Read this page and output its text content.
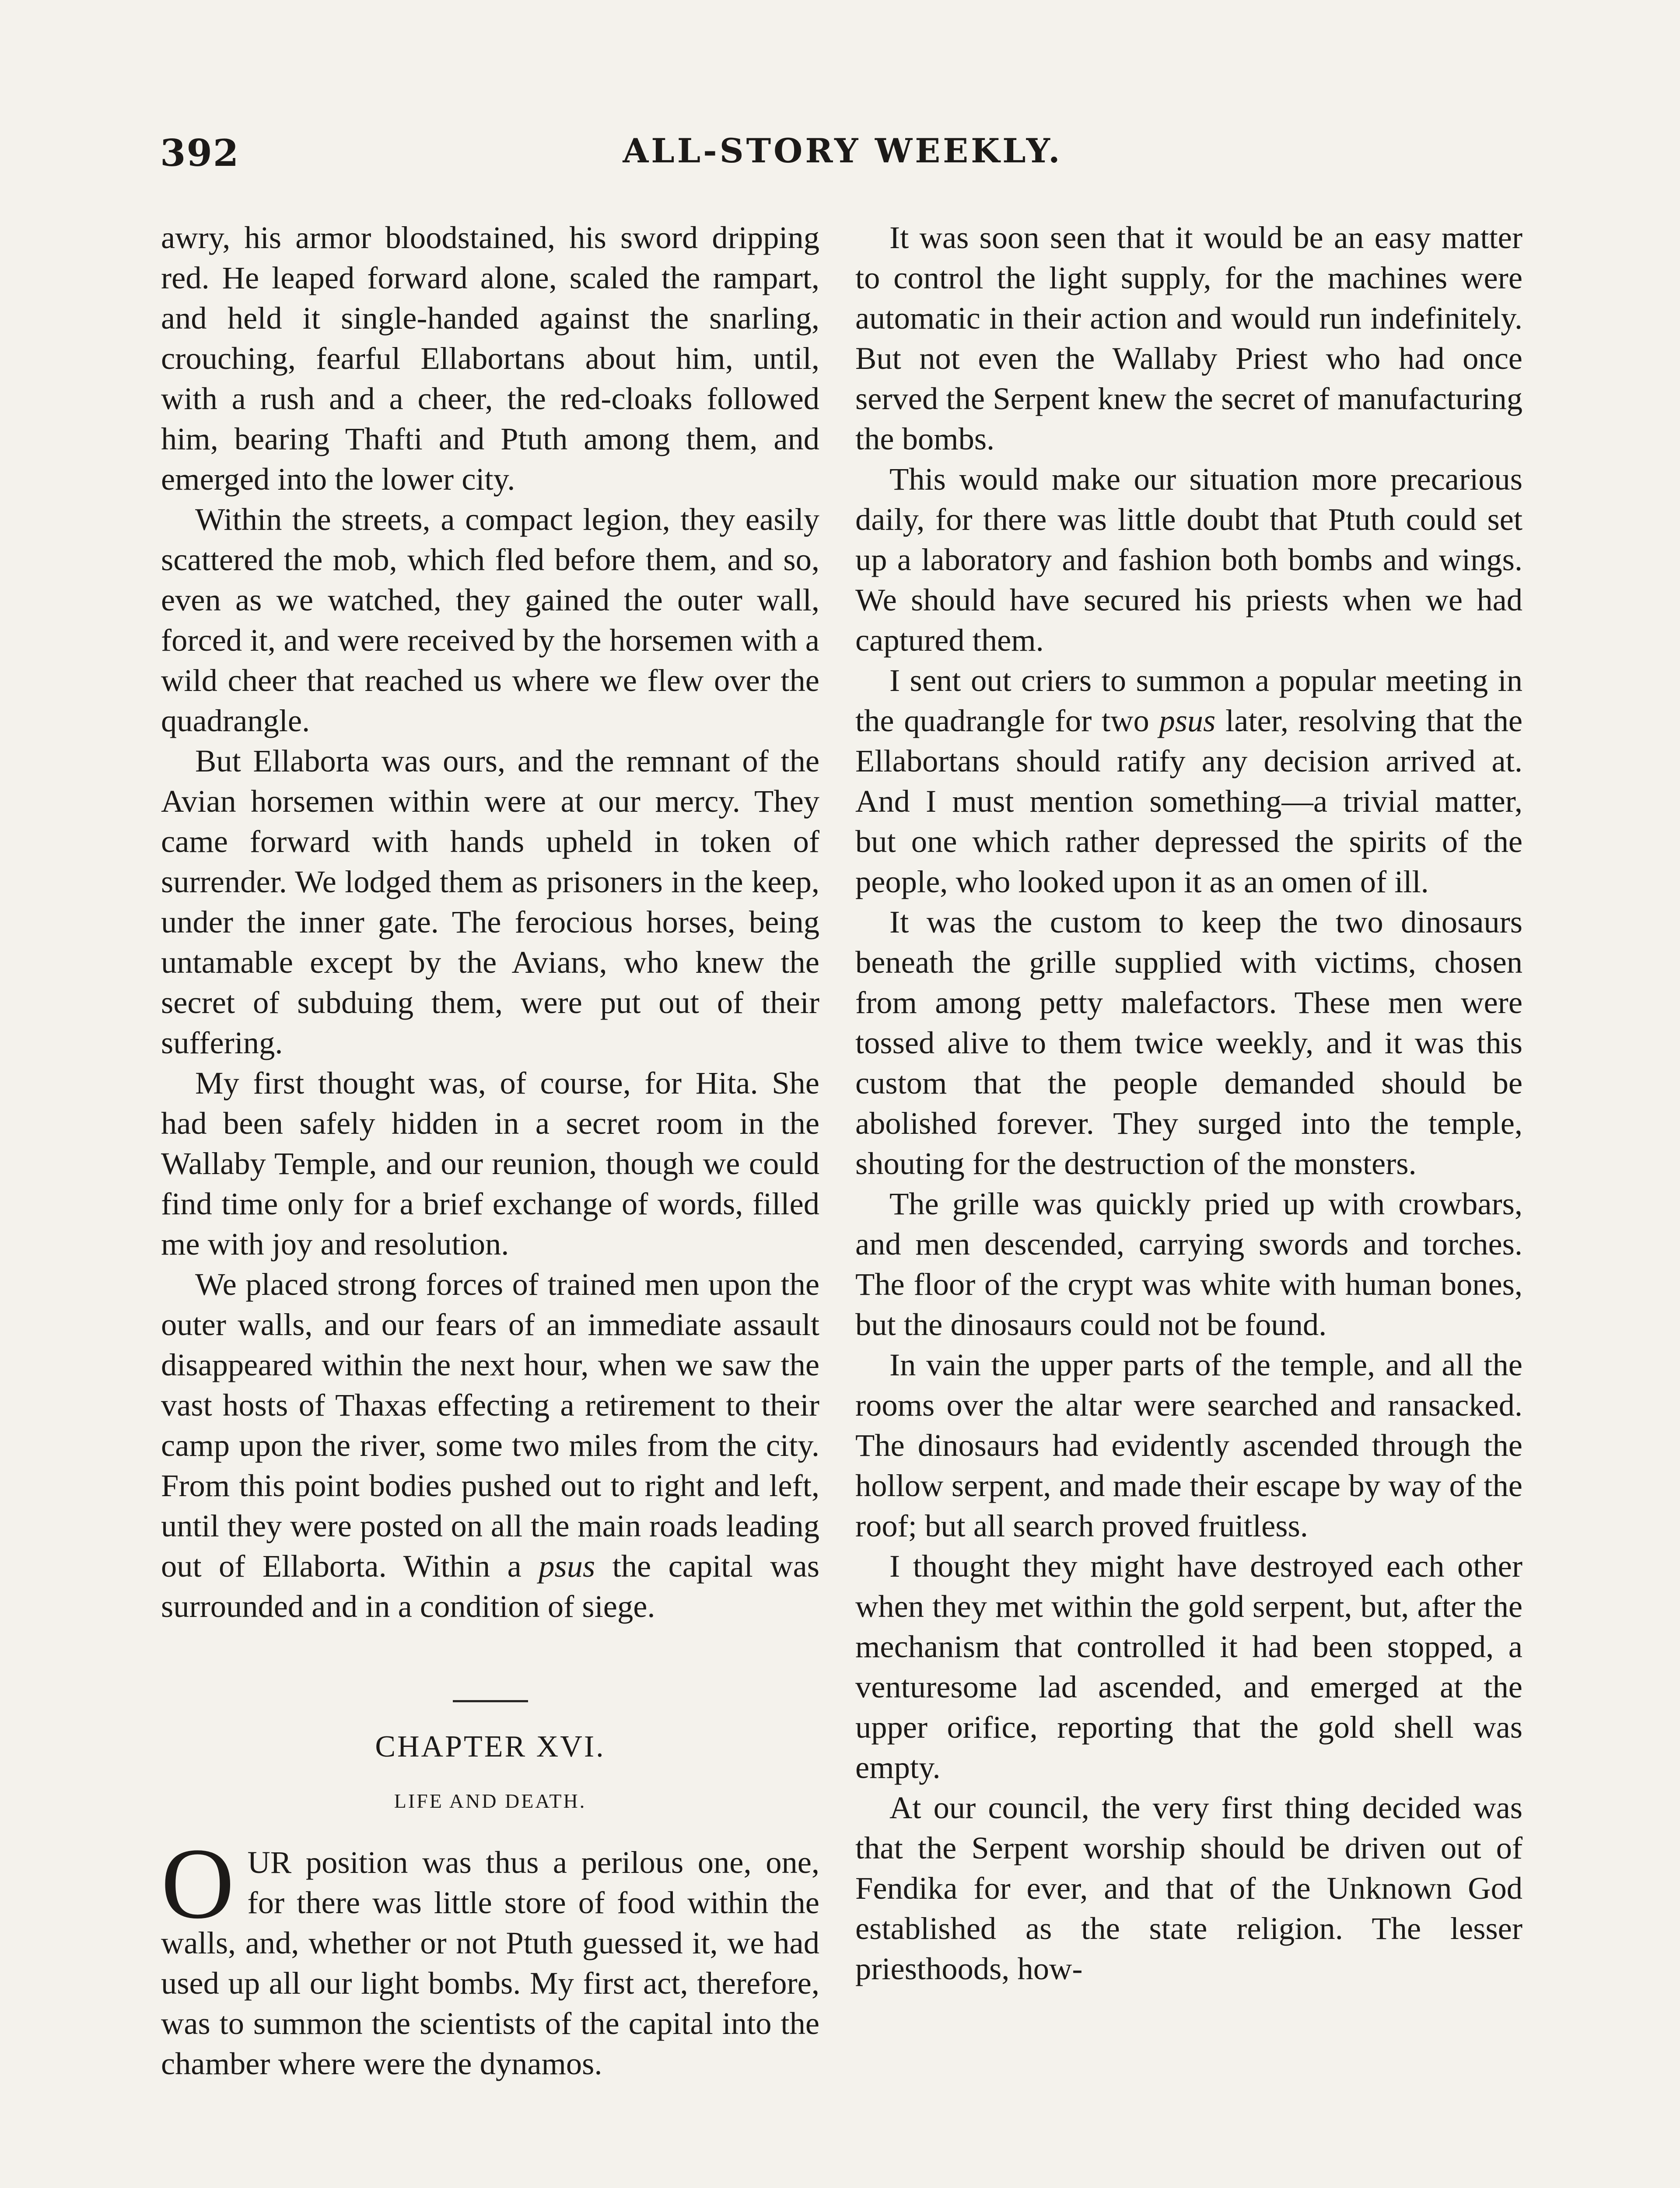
392	ALL-STORY WEEKLY.

awry, his armor bloodstained, his sword dripping red. He leaped forward alone, scaled the rampart, and held it single-handed against the snarling, crouching, fearful Ellabortans about him, until, with a rush and a cheer, the red-cloaks followed him, bearing Thafti and Ptuth among them, and emerged into the lower city.

Within the streets, a compact legion, they easily scattered the mob, which fled before them, and so, even as we watched, they gained the outer wall, forced it, and were received by the horsemen with a wild cheer that reached us where we flew over the quadrangle.

But Ellaborta was ours, and the remnant of the Avian horsemen within were at our mercy. They came forward with hands upheld in token of surrender. We lodged them as prisoners in the keep, under the inner gate. The ferocious horses, being untamable except by the Avians, who knew the secret of subduing them, were put out of their suffering.

My first thought was, of course, for Hita. She had been safely hidden in a secret room in the Wallaby Temple, and our reunion, though we could find time only for a brief exchange of words, filled me with joy and resolution.

We placed strong forces of trained men upon the outer walls, and our fears of an immediate assault disappeared within the next hour, when we saw the vast hosts of Thaxas effecting a retirement to their camp upon the river, some two miles from the city. From this point bodies pushed out to right and left, until they were posted on all the main roads leading out of Ellaborta. Within a psus the capital was surrounded and in a condition of siege.

CHAPTER XVI.
LIFE AND DEATH.

OUR position was thus a perilous one, one, for there was little store of food within the walls, and, whether or not Ptuth guessed it, we had used up all our light bombs. My first act, therefore, was to summon the scientists of the capital into the chamber where were the dynamos.

It was soon seen that it would be an easy matter to control the light supply, for the machines were automatic in their action and would run indefinitely. But not even the Wallaby Priest who had once served the Serpent knew the secret of manufacturing the bombs.

This would make our situation more precarious daily, for there was little doubt that Ptuth could set up a laboratory and fashion both bombs and wings. We should have secured his priests when we had captured them.

I sent out criers to summon a popular meeting in the quadrangle for two psus later, resolving that the Ellabortans should ratify any decision arrived at. And I must mention something—a trivial matter, but one which rather depressed the spirits of the people, who looked upon it as an omen of ill.

It was the custom to keep the two dinosaurs beneath the grille supplied with victims, chosen from among petty malefactors. These men were tossed alive to them twice weekly, and it was this custom that the people demanded should be abolished forever. They surged into the temple, shouting for the destruction of the monsters.

The grille was quickly pried up with crowbars, and men descended, carrying swords and torches. The floor of the crypt was white with human bones, but the dinosaurs could not be found.

In vain the upper parts of the temple, and all the rooms over the altar were searched and ransacked. The dinosaurs had evidently ascended through the hollow serpent, and made their escape by way of the roof; but all search proved fruitless.

I thought they might have destroyed each other when they met within the gold serpent, but, after the mechanism that controlled it had been stopped, a venturesome lad ascended, and emerged at the upper orifice, reporting that the gold shell was empty.

At our council, the very first thing decided was that the Serpent worship should be driven out of Fendika for ever, and that of the Unknown God established as the state religion. The lesser priesthoods, how-
